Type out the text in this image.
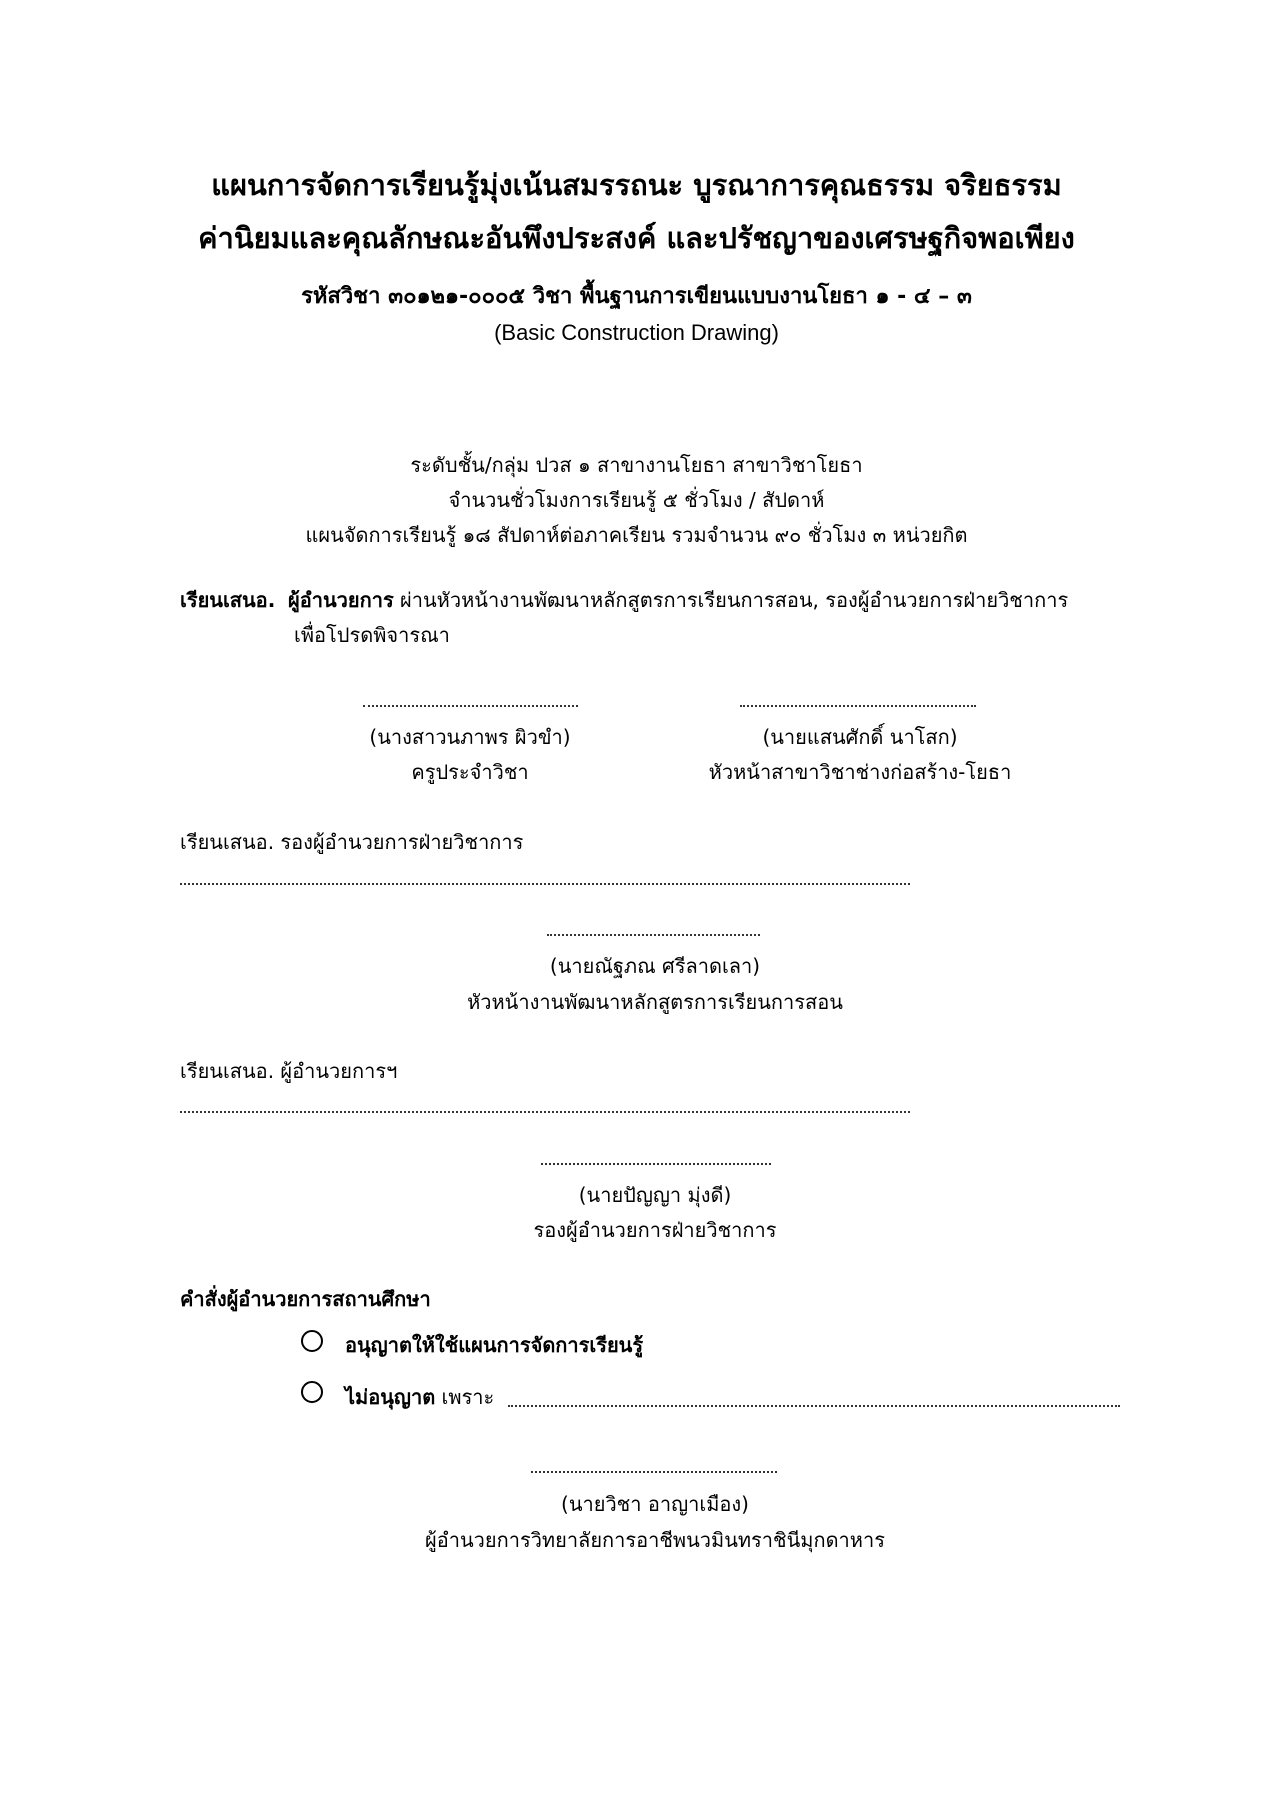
แผนการจัดการเรียนรู้มุ่งเน้นสมรรถนะ บูรณาการคุณธรรม จริยธรรม
ค่านิยมและคุณลักษณะอันพึงประสงค์ และปรัชญาของเศรษฐกิจพอเพียง
รหัสวิชา ๓๐๑๒๑-๐๐๐๕ วิชา พื้นฐานการเขียนแบบงานโยธา ๑ - ๔ – ๓
(Basic Construction Drawing)
ระดับชั้น/กลุ่ม ปวส ๑ สาขางานโยธา สาขาวิชาโยธา
จำนวนชั่วโมงการเรียนรู้ ๕ ชั่วโมง / สัปดาห์
แผนจัดการเรียนรู้ ๑๘ สัปดาห์ต่อภาคเรียน รวมจำนวน ๙๐ ชั่วโมง ๓ หน่วยกิต
เรียนเสนอ. ผู้อำนวยการ ผ่านหัวหน้างานพัฒนาหลักสูตรการเรียนการสอน, รองผู้อำนวยการฝ่ายวิชาการ
เพื่อโปรดพิจารณา
(นางสาวนภาพร ผิวขำ)
ครูประจำวิชา
(นายแสนศักดิ์ นาโสก)
หัวหน้าสาขาวิชาช่างก่อสร้าง-โยธา
เรียนเสนอ. รองผู้อำนวยการฝ่ายวิชาการ
(นายณัฐภณ ศรีลาดเลา)
หัวหน้างานพัฒนาหลักสูตรการเรียนการสอน
เรียนเสนอ. ผู้อำนวยการฯ
(นายปัญญา มุ่งดี)
รองผู้อำนวยการฝ่ายวิชาการ
คำสั่งผู้อำนวยการสถานศึกษา
อนุญาตให้ใช้แผนการจัดการเรียนรู้
ไม่อนุญาต เพราะ
(นายวิชา อาญาเมือง)
ผู้อำนวยการวิทยาลัยการอาชีพนวมินทราชินีมุกดาหาร
